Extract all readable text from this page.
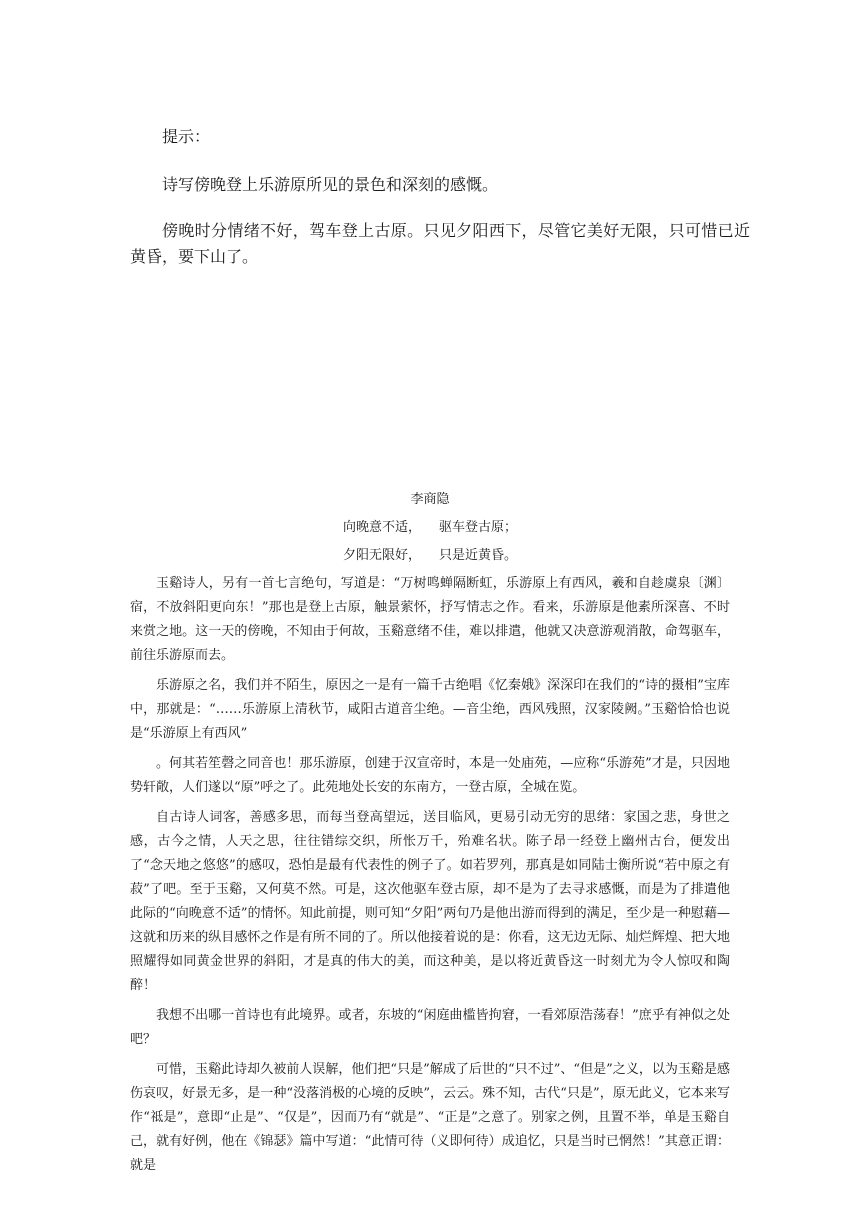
提示：

诗写傍晚登上乐游原所见的景色和深刻的感慨。

傍晚时分情绪不好，驾车登上古原。只见夕阳西下，尽管它美好无限，只可惜已近黄昏，要下山了。

李商隐

向晚意不适， 驱车登古原；

夕阳无限好， 只是近黄昏。

玉谿诗人，另有一首七言绝句，写道是：“万树鸣蝉隔断虹，乐游原上有西风，羲和自趁虞泉〔渊〕宿，不放斜阳更向东！”那也是登上古原，触景萦怀，抒写情志之作。看来，乐游原是他素所深喜、不时来赏之地。这一天的傍晚，不知由于何故，玉谿意绪不佳，难以排遣，他就又决意游观消散，命驾驱车，前往乐游原而去。

乐游原之名，我们并不陌生，原因之一是有一篇千古绝唱《忆秦娥》深深印在我们的“诗的摄相”宝库中，那就是：“……乐游原上清秋节，咸阳古道音尘绝。—音尘绝，西风残照，汉家陵阙。”玉谿恰恰也说是“乐游原上有西风”

。何其若笙磬之同音也！那乐游原，创建于汉宣帝时，本是一处庙苑，—应称“乐游苑”才是，只因地势轩敞，人们遂以“原”呼之了。此苑地处长安的东南方，一登古原，全城在览。

自古诗人词客，善感多思，而每当登高望远，送目临风，更易引动无穷的思绪：家国之悲，身世之感，古今之情，人天之思，往往错综交织，所怅万千，殆难名状。陈子昂一经登上幽州古台，便发出了“念天地之悠悠”的感叹，恐怕是最有代表性的例子了。如若罗列，那真是如同陆士衡所说“若中原之有菽”了吧。至于玉谿，又何莫不然。可是，这次他驱车登古原，却不是为了去寻求感慨，而是为了排遣他此际的“向晚意不适”的情怀。知此前提，则可知“夕阳”两句乃是他出游而得到的满足，至少是一种慰藉—这就和历来的纵目感怀之作是有所不同的了。所以他接着说的是：你看，这无边无际、灿烂辉煌、把大地照耀得如同黄金世界的斜阳，才是真的伟大的美，而这种美，是以将近黄昏这一时刻尤为令人惊叹和陶醉！

我想不出哪一首诗也有此境界。或者，东坡的“闲庭曲槛皆拘窘，一看郊原浩荡春！”庶乎有神似之处吧？

可惜，玉谿此诗却久被前人误解，他们把“只是”解成了后世的“只不过”、“但是”之义，以为玉谿是感伤哀叹，好景无多，是一种“没落消极的心境的反映”，云云。殊不知，古代“只是”，原无此义，它本来写作“祗是”，意即“止是”、“仅是”，因而乃有“就是”、“正是”之意了。别家之例，且置不举，单是玉谿自己，就有好例，他在《锦瑟》篇中写道：“此情可待（义即何待）成追忆，只是当时已惘然！”其意正谓：就是
